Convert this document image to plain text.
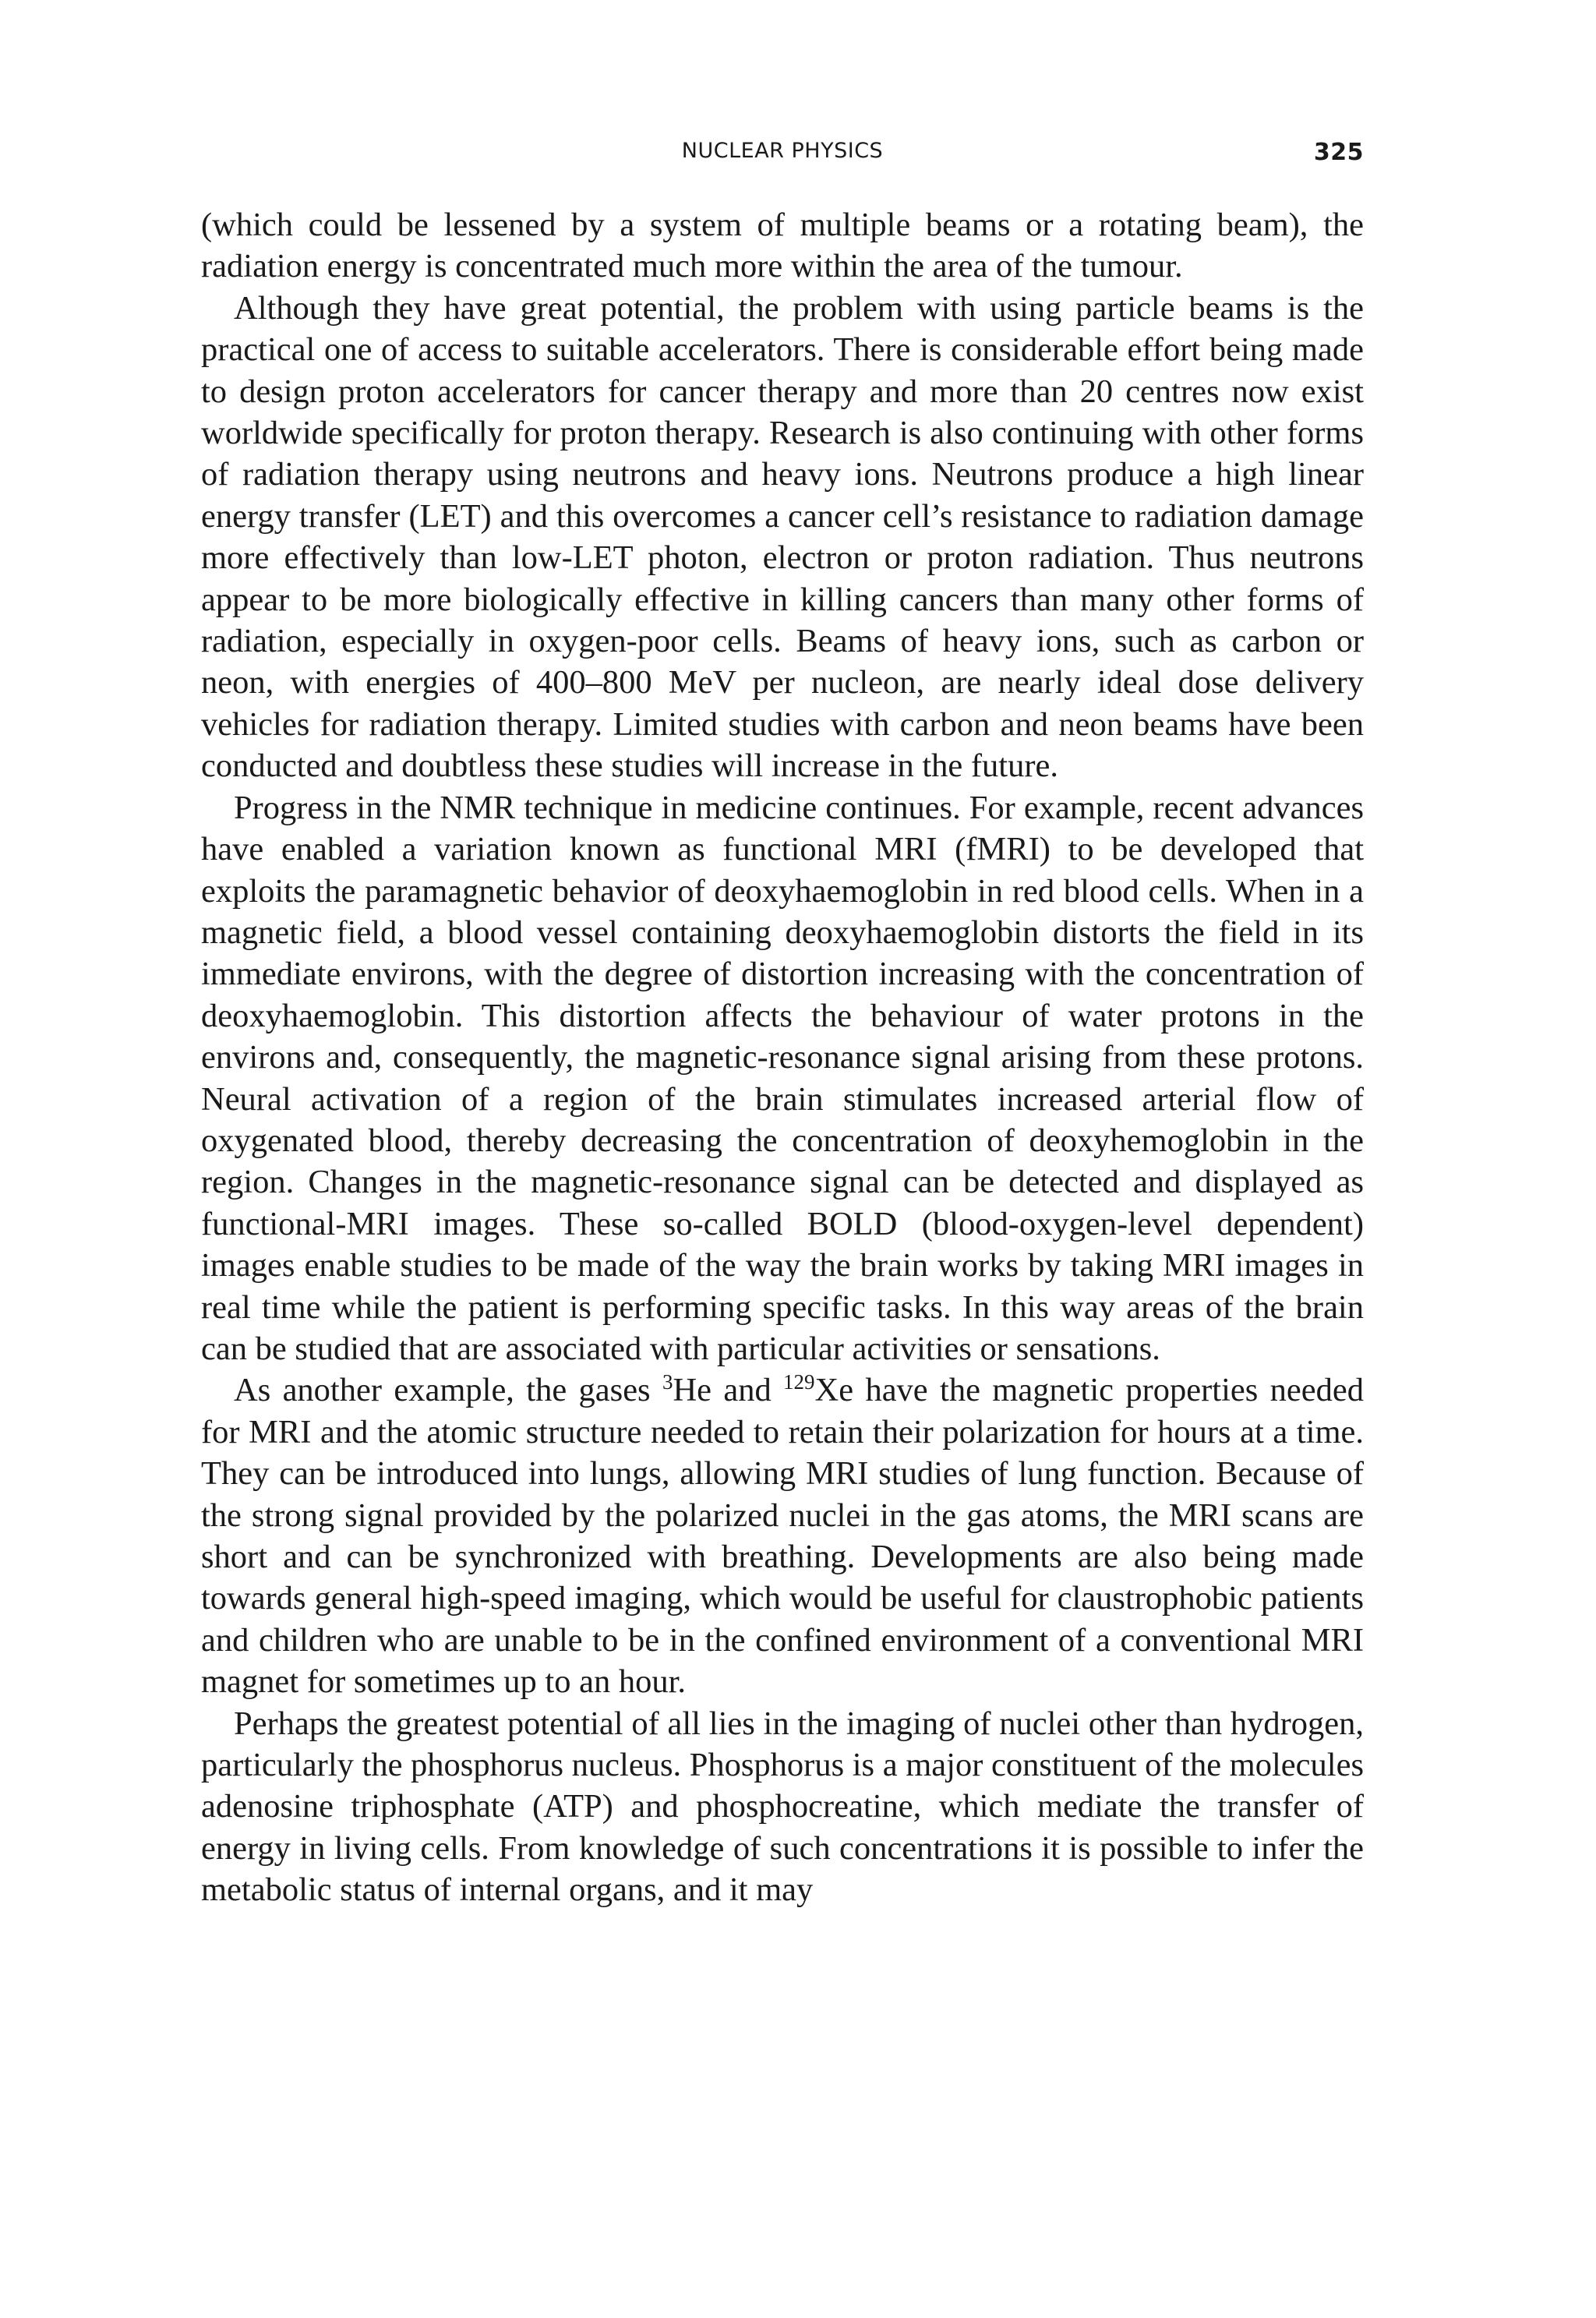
NUCLEAR PHYSICS	325

(which could be lessened by a system of multiple beams or a rotating beam), the radiation energy is concentrated much more within the area of the tumour.

Although they have great potential, the problem with using particle beams is the practical one of access to suitable accelerators. There is considerable effort being made to design proton accelerators for cancer therapy and more than 20 centres now exist worldwide specifically for proton therapy. Research is also continuing with other forms of radiation therapy using neutrons and heavy ions. Neutrons produce a high linear energy transfer (LET) and this overcomes a cancer cell’s resistance to radiation damage more effectively than low-LET photon, electron or proton radiation. Thus neutrons appear to be more biologically effective in killing cancers than many other forms of radiation, especially in oxygen-poor cells. Beams of heavy ions, such as carbon or neon, with energies of 400–800 MeV per nucleon, are nearly ideal dose delivery vehicles for radiation therapy. Limited studies with carbon and neon beams have been conducted and doubtless these studies will increase in the future.

Progress in the NMR technique in medicine continues. For example, recent advances have enabled a variation known as functional MRI (fMRI) to be developed that exploits the paramagnetic behavior of deoxyhaemoglobin in red blood cells. When in a magnetic field, a blood vessel containing deoxyhaemoglobin distorts the field in its immediate environs, with the degree of distortion increasing with the concentration of deoxyhaemoglobin. This distortion affects the behaviour of water protons in the environs and, consequently, the magnetic-resonance signal arising from these protons. Neural activation of a region of the brain stimulates increased arterial flow of oxygenated blood, thereby decreasing the concentration of deoxyhemoglobin in the region. Changes in the magnetic-resonance signal can be detected and displayed as functional-MRI images. These so-called BOLD (blood-oxygen-level dependent) images enable studies to be made of the way the brain works by taking MRI images in real time while the patient is performing specific tasks. In this way areas of the brain can be studied that are associated with particular activities or sensations.

As another example, the gases $^3$He and $^{129}$Xe have the magnetic properties needed for MRI and the atomic structure needed to retain their polarization for hours at a time. They can be introduced into lungs, allowing MRI studies of lung function. Because of the strong signal provided by the polarized nuclei in the gas atoms, the MRI scans are short and can be synchronized with breathing. Developments are also being made towards general high-speed imaging, which would be useful for claustrophobic patients and children who are unable to be in the confined environment of a conventional MRI magnet for sometimes up to an hour.

Perhaps the greatest potential of all lies in the imaging of nuclei other than hydrogen, particularly the phosphorus nucleus. Phosphorus is a major constituent of the molecules adenosine triphosphate (ATP) and phosphocreatine, which mediate the transfer of energy in living cells. From knowledge of such concentrations it is possible to infer the metabolic status of internal organs, and it may
